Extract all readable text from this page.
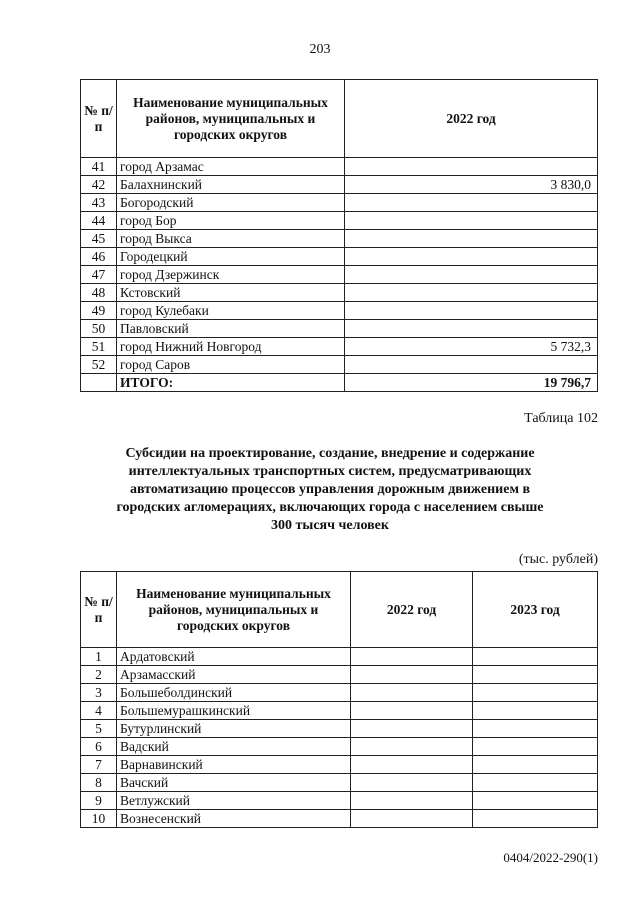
203
№ п/п	Наименование муниципальных районов, муниципальных и городских округов	2022 год
41	город Арзамас	
42	Балахнинский	3 830,0
43	Богородский	
44	город Бор	
45	город Выкса	
46	Городецкий	
47	город Дзержинск	
48	Кстовский	
49	город Кулебаки	
50	Павловский	
51	город Нижний Новгород	5 732,3
52	город Саров	
	ИТОГО:	19 796,7
Таблица 102
Субсидии на проектирование, создание, внедрение и содержание интеллектуальных транспортных систем, предусматривающих автоматизацию процессов управления дорожным движением в городских агломерациях, включающих города с населением свыше 300 тысяч человек
(тыс. рублей)
№ п/п	Наименование муниципальных районов, муниципальных и городских округов	2022 год	2023 год
1	Ардатовский		
2	Арзамасский		
3	Большеболдинский		
4	Большемурашкинский		
5	Бутурлинский		
6	Вадский		
7	Варнавинский		
8	Вачский		
9	Ветлужский		
10	Вознесенский		
0404/2022-290(1)
